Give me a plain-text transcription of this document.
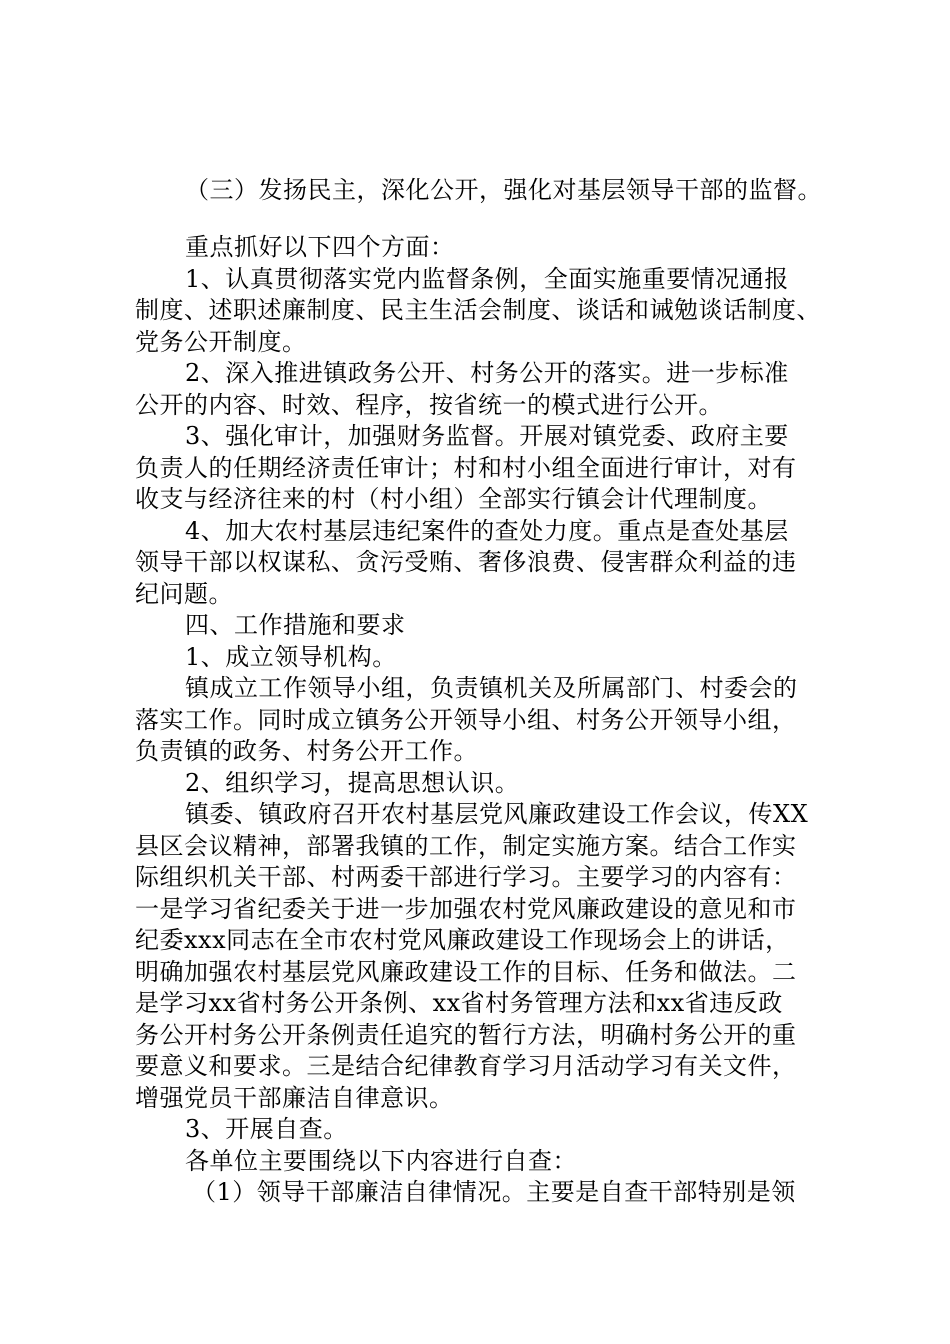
（三）发扬民主，深化公开，强化对基层领导干部的监督。
重点抓好以下四个方面：
1、认真贯彻落实党内监督条例，全面实施重要情况通报
制度、述职述廉制度、民主生活会制度、谈话和诫勉谈话制度、
党务公开制度。
2、深入推进镇政务公开、村务公开的落实。进一步标准
公开的内容、时效、程序，按省统一的模式进行公开。
3、强化审计，加强财务监督。开展对镇党委、政府主要
负责人的任期经济责任审计；村和村小组全面进行审计，对有
收支与经济往来的村（村小组）全部实行镇会计代理制度。
4、加大农村基层违纪案件的查处力度。重点是查处基层
领导干部以权谋私、贪污受贿、奢侈浪费、侵害群众利益的违
纪问题。
四、工作措施和要求
1、成立领导机构。
镇成立工作领导小组，负责镇机关及所属部门、村委会的
落实工作。同时成立镇务公开领导小组、村务公开领导小组，
负责镇的政务、村务公开工作。
2、组织学习，提高思想认识。
镇委、镇政府召开农村基层党风廉政建设工作会议，传XX
县区会议精神，部署我镇的工作，制定实施方案。结合工作实
际组织机关干部、村两委干部进行学习。主要学习的内容有：
一是学习省纪委关于进一步加强农村党风廉政建设的意见和市
纪委xxx同志在全市农村党风廉政建设工作现场会上的讲话，
明确加强农村基层党风廉政建设工作的目标、任务和做法。二
是学习xx省村务公开条例、xx省村务管理方法和xx省违反政
务公开村务公开条例责任追究的暂行方法，明确村务公开的重
要意义和要求。三是结合纪律教育学习月活动学习有关文件，
增强党员干部廉洁自律意识。
3、开展自查。
各单位主要围绕以下内容进行自查：
（1）领导干部廉洁自律情况。主要是自查干部特别是领
